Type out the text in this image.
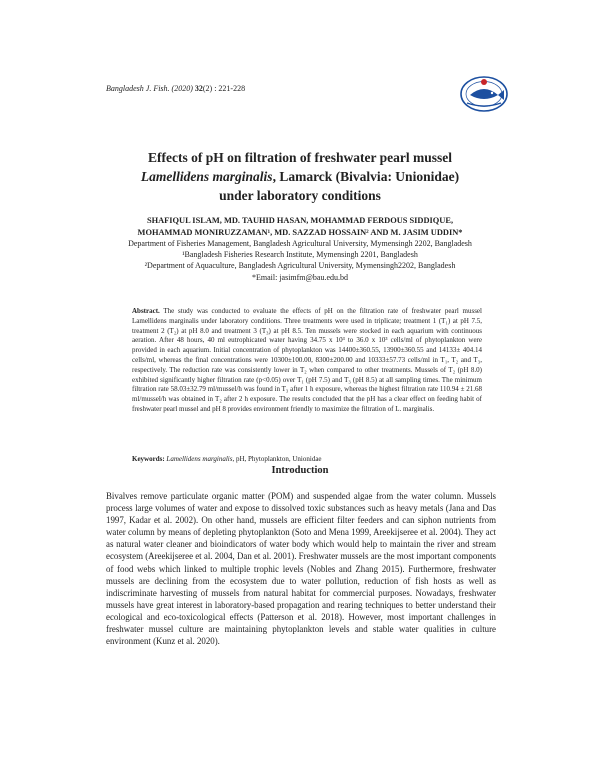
Bangladesh J. Fish. (2020) 32(2) : 221-228
Effects of pH on filtration of freshwater pearl mussel
Lamellidens marginalis, Lamarck (Bivalvia: Unionidae)
under laboratory conditions
SHAFIQUL ISLAM, MD. TAUHID HASAN, MOHAMMAD FERDOUS SIDDIQUE,
MOHAMMAD MONIRUZZAMAN¹, MD. SAZZAD HOSSAIN² AND M. JASIM UDDIN*
Department of Fisheries Management, Bangladesh Agricultural University, Mymensingh 2202, Bangladesh
¹Bangladesh Fisheries Research Institute, Mymensingh 2201, Bangladesh
²Department of Aquaculture, Bangladesh Agricultural University, Mymensingh2202, Bangladesh
*Email: jasimfm@bau.edu.bd
Abstract. The study was conducted to evaluate the effects of pH on the filtration rate of freshwater pearl mussel Lamellidens marginalis under laboratory conditions. Three treatments were used in triplicate; treatment 1 (T₁) at pH 7.5, treatment 2 (T₂) at pH 8.0 and treatment 3 (T₃) at pH 8.5. Ten mussels were stocked in each aquarium with continuous aeration. After 48 hours, 40 ml eutrophicated water having 34.75 x 10³ to 36.0 x 10³ cells/ml of phytoplankton were provided in each aquarium. Initial concentration of phytoplankton was 14400±360.55, 13900±360.55 and 14133± 404.14 cells/ml, whereas the final concentrations were 10300±100.00, 8300±200.00 and 10333±57.73 cells/ml in T₁, T₂ and T₃, respectively. The reduction rate was consistently lower in T₂ when compared to other treatments. Mussels of T₂ (pH 8.0) exhibited significantly higher filtration rate (p<0.05) over T₁ (pH 7.5) and T₃ (pH 8.5) at all sampling times. The minimum filtration rate 58.03±32.79 ml/mussel/h was found in T₃ after 1 h exposure, whereas the highest filtration rate 110.94 ± 21.68 ml/mussel/h was obtained in T₂ after 2 h exposure. The results concluded that the pH has a clear effect on feeding habit of freshwater pearl mussel and pH 8 provides environment friendly to maximize the filtration of L. marginalis.
Keywords: Lamellidens marginalis, pH, Phytoplankton, Unionidae
Introduction
Bivalves remove particulate organic matter (POM) and suspended algae from the water column. Mussels process large volumes of water and expose to dissolved toxic substances such as heavy metals (Jana and Das 1997, Kadar et al. 2002). On other hand, mussels are efficient filter feeders and can siphon nutrients from water column by means of depleting phytoplankton (Soto and Mena 1999, Areekijseree et al. 2004). They act as natural water cleaner and bioindicators of water body which would help to maintain the river and stream ecosystem (Areekijseree et al. 2004, Dan et al. 2001). Freshwater mussels are the most important components of food webs which linked to multiple trophic levels (Nobles and Zhang 2015). Furthermore, freshwater mussels are declining from the ecosystem due to water pollution, reduction of fish hosts as well as indiscriminate harvesting of mussels from natural habitat for commercial purposes. Nowadays, freshwater mussels have great interest in laboratory-based propagation and rearing techniques to better understand their ecological and eco-toxicological effects (Patterson et al. 2018). However, most important challenges in freshwater mussel culture are maintaining phytoplankton levels and stable water qualities in culture environment (Kunz et al. 2020).
